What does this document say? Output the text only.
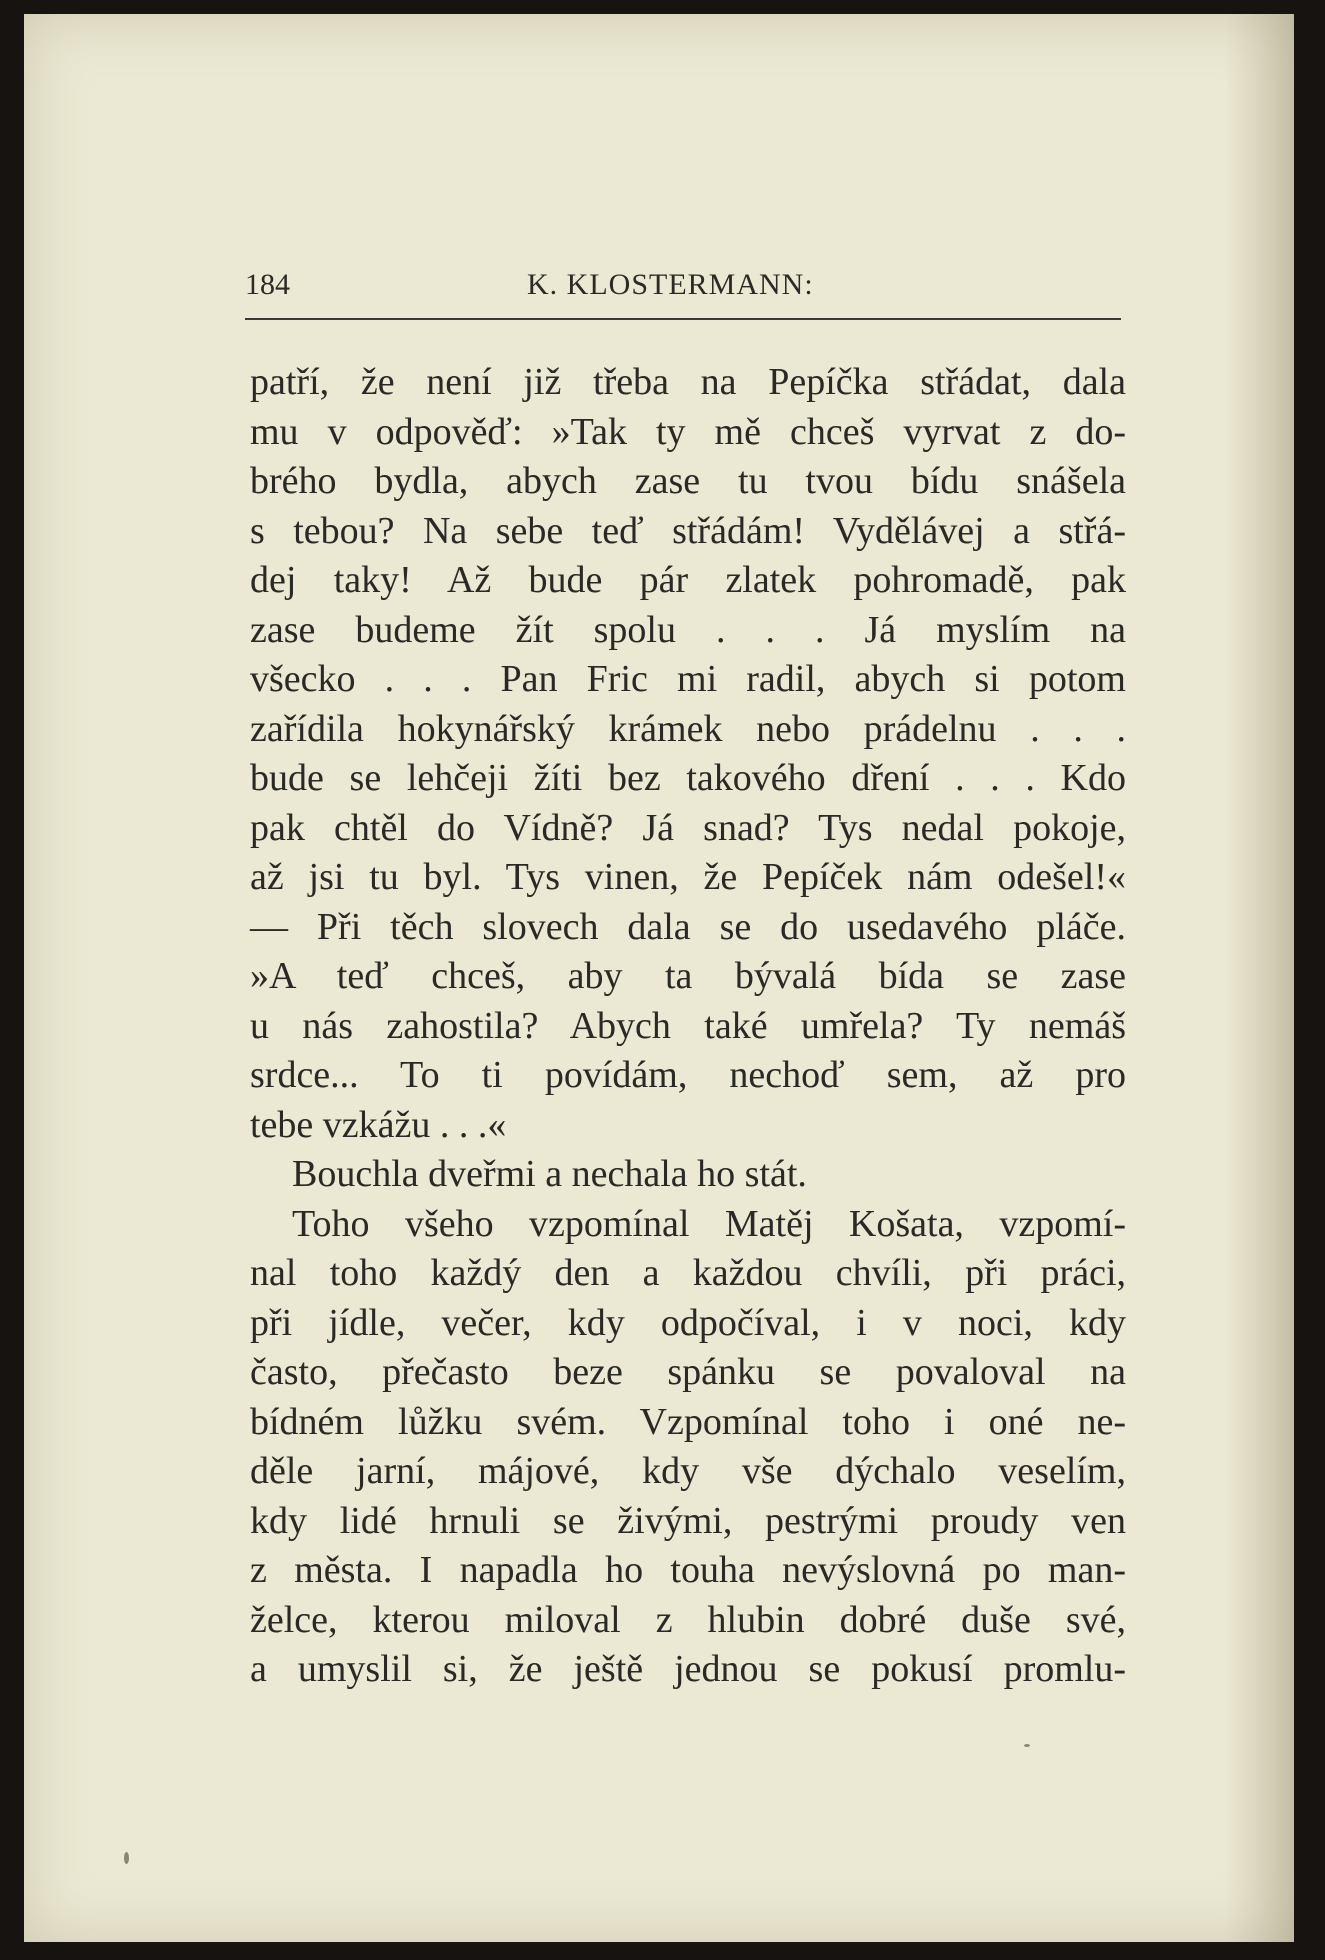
184	K. KLOSTERMANN:
patří, že není již třeba na Pepíčka střádat, dala
mu v odpověď: »Tak ty mě chceš vyrvat z do-
brého bydla, abych zase tu tvou bídu snášela
s tebou? Na sebe teď střádám! Vydělávej a střá-
dej taky! Až bude pár zlatek pohromadě, pak
zase budeme žít spolu . . . Já myslím na
všecko . . . Pan Fric mi radil, abych si potom
zařídila hokynářský krámek nebo prádelnu . . .
bude se lehčeji žíti bez takového dření . . . Kdo
pak chtěl do Vídně? Já snad? Tys nedal pokoje,
až jsi tu byl. Tys vinen, že Pepíček nám odešel!«
— Při těch slovech dala se do usedavého pláče.
»A teď chceš, aby ta bývalá bída se zase
u nás zahostila? Abych také umřela? Ty nemáš
srdce... To ti povídám, nechoď sem, až pro
tebe vzkážu . . .«
Bouchla dveřmi a nechala ho stát.
Toho všeho vzpomínal Matěj Košata, vzpomí-
nal toho každý den a každou chvíli, při práci,
při jídle, večer, kdy odpočíval, i v noci, kdy
často, přečasto beze spánku se povaloval na
bídném lůžku svém. Vzpomínal toho i oné ne-
děle jarní, májové, kdy vše dýchalo veselím,
kdy lidé hrnuli se živými, pestrými proudy ven
z města. I napadla ho touha nevýslovná po man-
želce, kterou miloval z hlubin dobré duše své,
a umyslil si, že ještě jednou se pokusí promlu-
